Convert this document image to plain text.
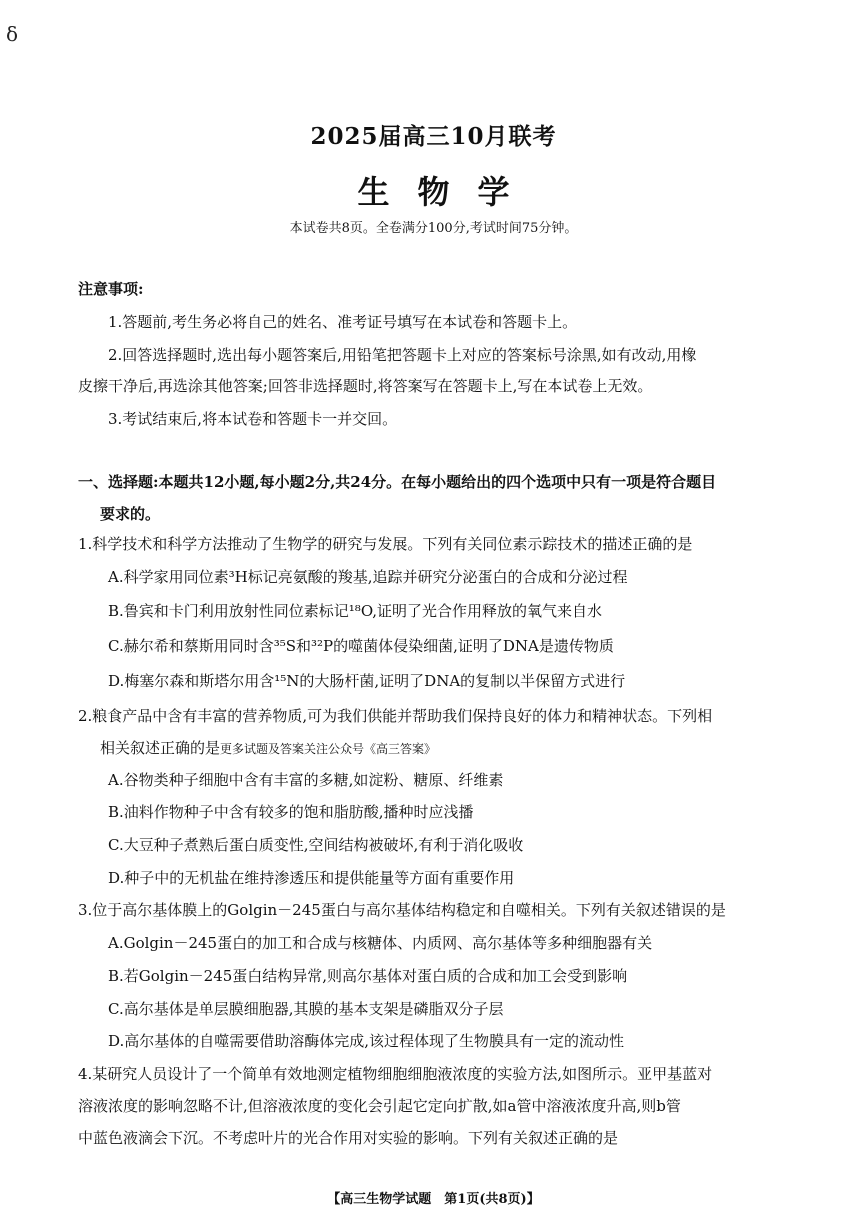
δ
2025届高三10月联考
生物学
本试卷共8页。全卷满分100分,考试时间75分钟。
注意事项:
1.答题前,考生务必将自己的姓名、准考证号填写在本试卷和答题卡上。
2.回答选择题时,选出每小题答案后,用铅笔把答题卡上对应的答案标号涂黑,如有改动,用橡
皮擦干净后,再选涂其他答案;回答非选择题时,将答案写在答题卡上,写在本试卷上无效。
3.考试结束后,将本试卷和答题卡一并交回。
一、选择题:本题共12小题,每小题2分,共24分。在每小题给出的四个选项中只有一项是符合题目
要求的。
1.科学技术和科学方法推动了生物学的研究与发展。下列有关同位素示踪技术的描述正确的是
A.科学家用同位素³H标记亮氨酸的羧基,追踪并研究分泌蛋白的合成和分泌过程
B.鲁宾和卡门利用放射性同位素标记¹⁸O,证明了光合作用释放的氧气来自水
C.赫尔希和蔡斯用同时含³⁵S和³²P的噬菌体侵染细菌,证明了DNA是遗传物质
D.梅塞尔森和斯塔尔用含¹⁵N的大肠杆菌,证明了DNA的复制以半保留方式进行
2.粮食产品中含有丰富的营养物质,可为我们供能并帮助我们保持良好的体力和精神状态。下列相
相关叙述正确的是更多试题及答案关注公众号《高三答案》
A.谷物类种子细胞中含有丰富的多糖,如淀粉、糖原、纤维素
B.油料作物种子中含有较多的饱和脂肪酸,播种时应浅播
C.大豆种子煮熟后蛋白质变性,空间结构被破坏,有利于消化吸收
D.种子中的无机盐在维持渗透压和提供能量等方面有重要作用
3.位于高尔基体膜上的Golgin－245蛋白与高尔基体结构稳定和自噬相关。下列有关叙述错误的是
A.Golgin－245蛋白的加工和合成与核糖体、内质网、高尔基体等多种细胞器有关
B.若Golgin－245蛋白结构异常,则高尔基体对蛋白质的合成和加工会受到影响
C.高尔基体是单层膜细胞器,其膜的基本支架是磷脂双分子层
D.高尔基体的自噬需要借助溶酶体完成,该过程体现了生物膜具有一定的流动性
4.某研究人员设计了一个简单有效地测定植物细胞细胞液浓度的实验方法,如图所示。亚甲基蓝对
溶液浓度的影响忽略不计,但溶液浓度的变化会引起它定向扩散,如a管中溶液浓度升高,则b管
中蓝色液滴会下沉。不考虑叶片的光合作用对实验的影响。下列有关叙述正确的是
【高三生物学试题　第1页(共8页)】
